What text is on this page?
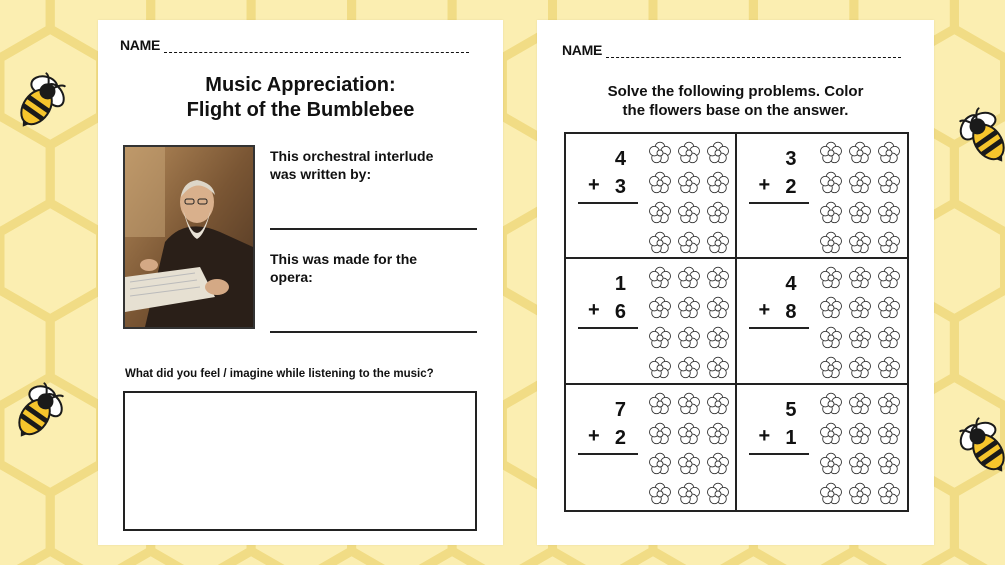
NAME
Music Appreciation:
Flight of the Bumblebee
This orchestral interlude
was written by:
This was made for the
opera:
What did you feel / imagine while listening to the music?
NAME
Solve the following problems. Color
the flowers base on the answer.
4
+ 3
3
+ 2
1
+ 6
4
+ 8
7
+ 2
5
+ 1
